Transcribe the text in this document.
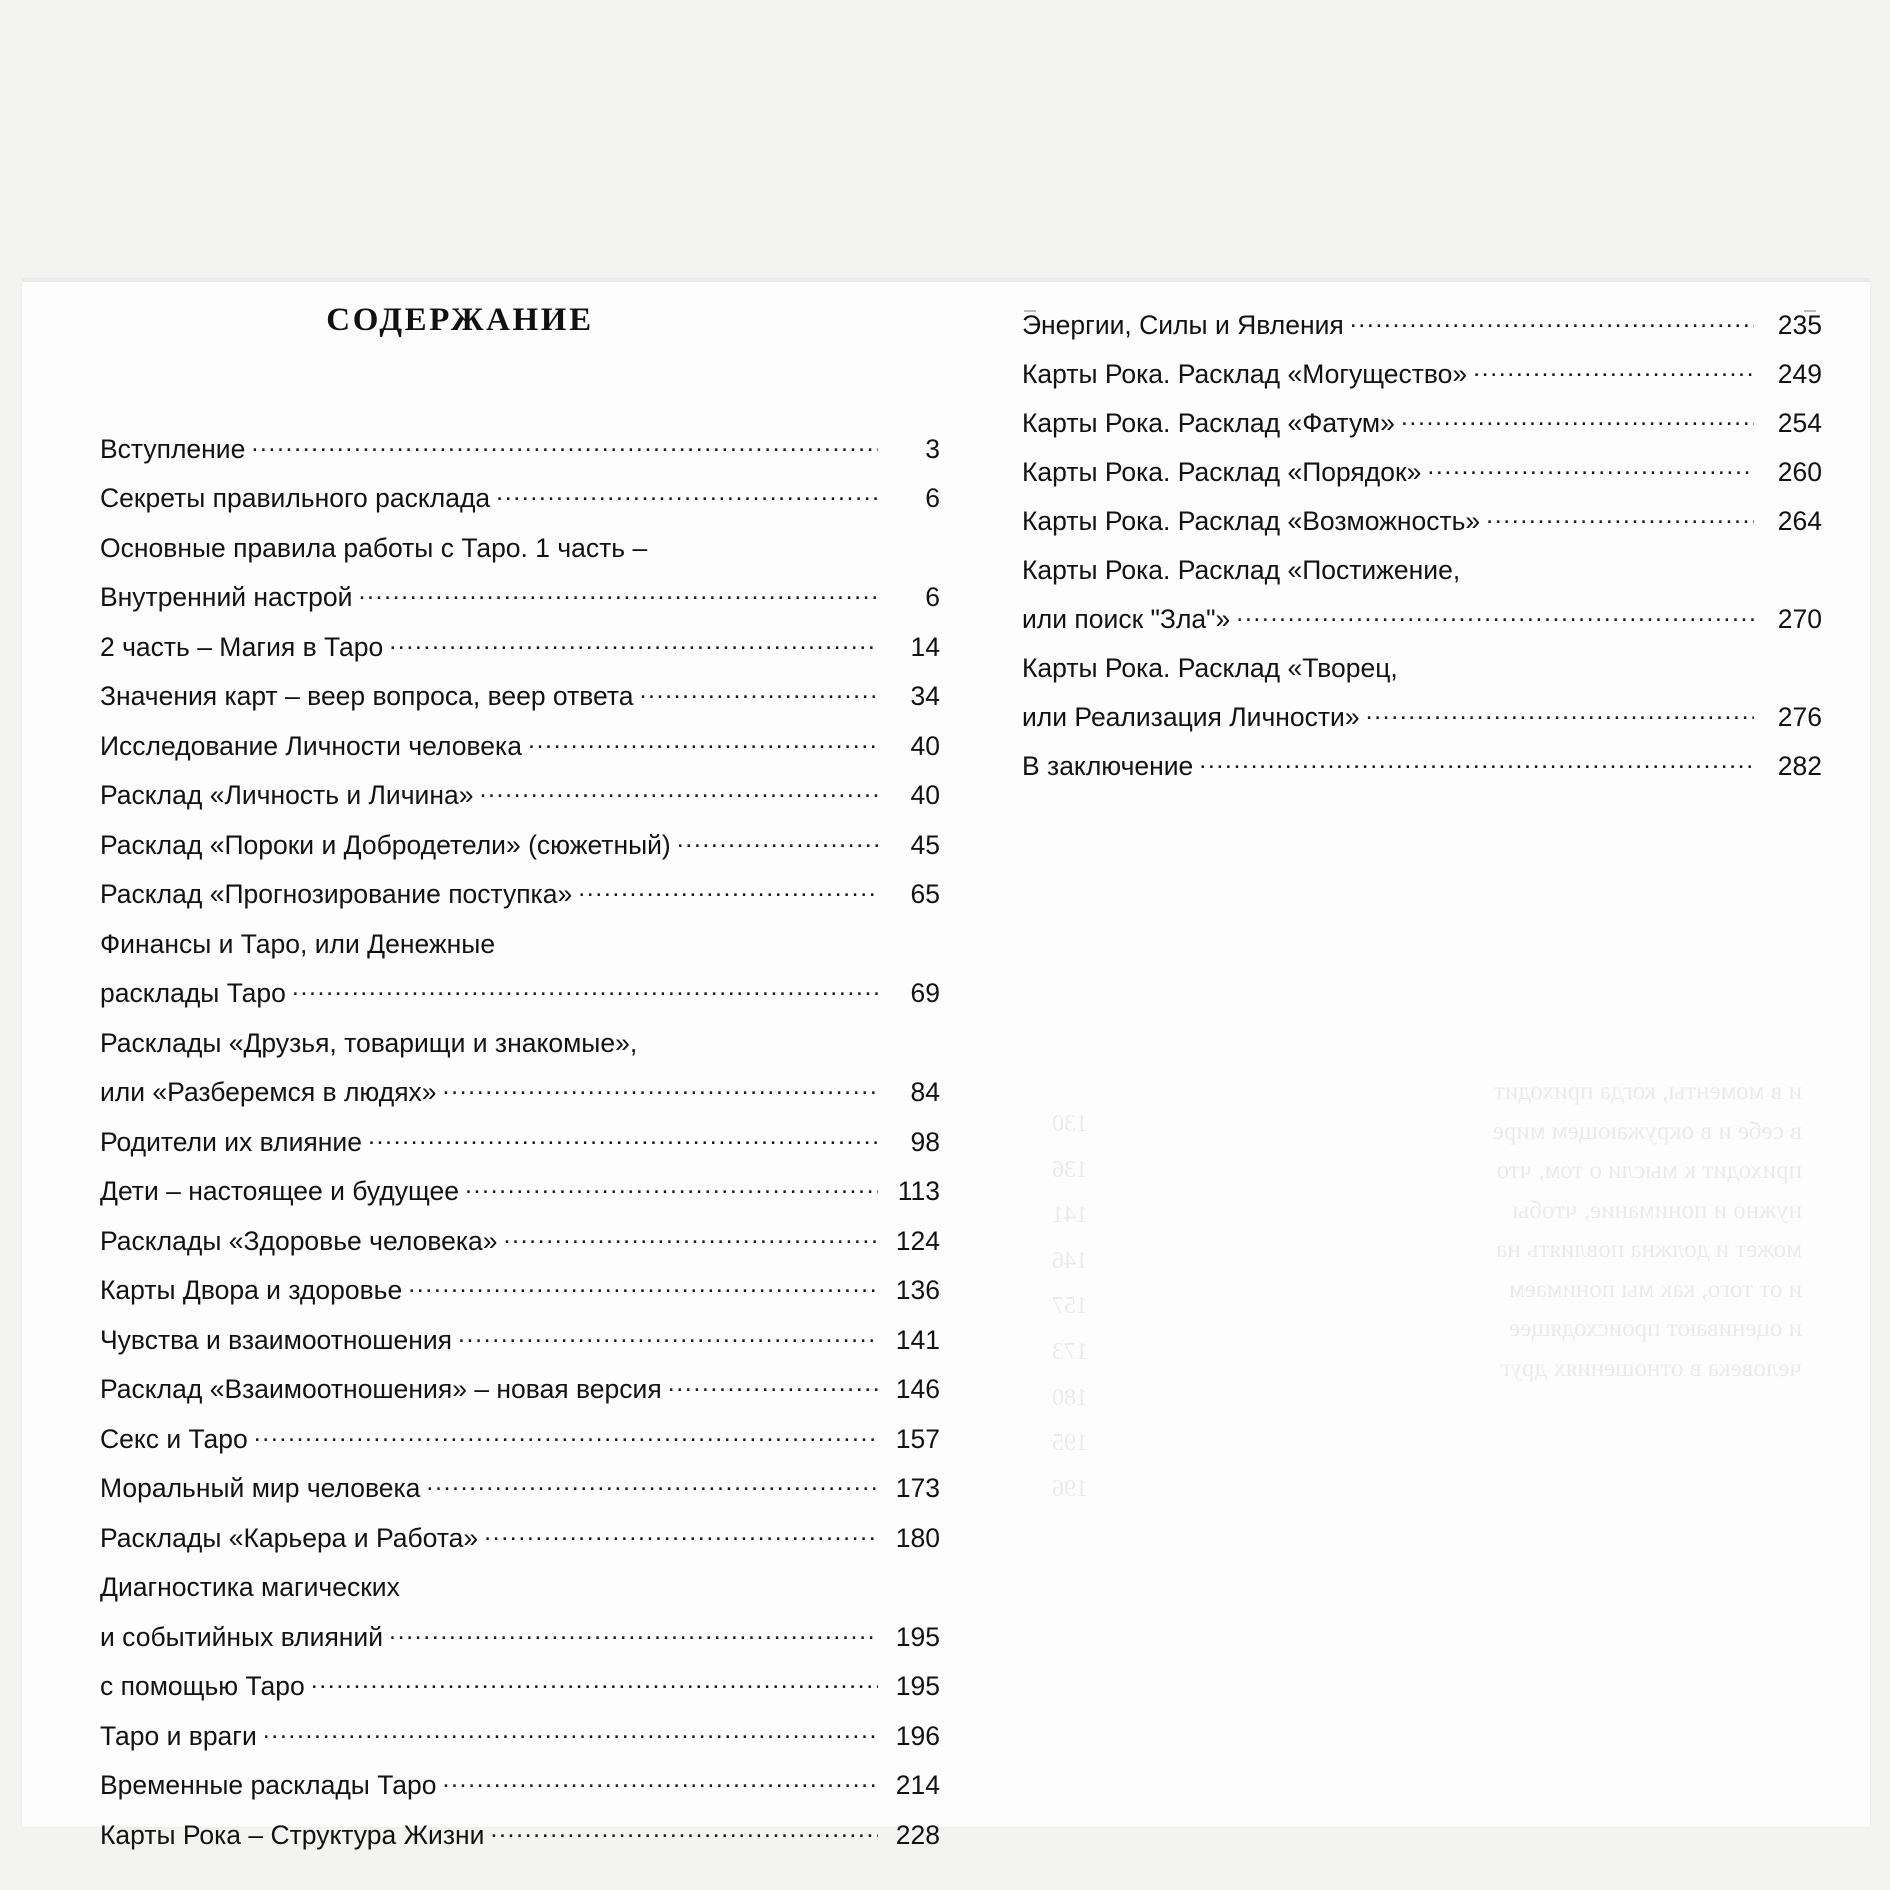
СОДЕРЖАНИЕ
Вступление .....	3
Секреты правильного расклада .....	6
Основные правила работы с Таро. 1 часть –
Внутренний настрой .....	6
2 часть – Магия в Таро .....	14
Значения карт – веер вопроса, веер ответа .....	34
Исследование Личности человека .....	40
Расклад «Личность и Личина» .....	40
Расклад «Пороки и Добродетели» (сюжетный) .....	45
Расклад «Прогнозирование поступка» .....	65
Финансы и Таро, или Денежные
расклады Таро .....	69
Расклады «Друзья, товарищи и знакомые»,
или «Разберемся в людях» .....	84
Родители их влияние .....	98
Дети – настоящее и будущее .....	113
Расклады «Здоровье человека» .....	124
Карты Двора и здоровье .....	136
Чувства и взаимоотношения .....	141
Расклад «Взаимоотношения» – новая версия .....	146
Секс и Таро .....	157
Моральный мир человека .....	173
Расклады «Карьера и Работа» .....	180
Диагностика магических
и событийных влияний .....	195
с помощью Таро .....	195
Таро и враги .....	196
Временные расклады Таро .....	214
Карты Рока – Структура Жизни .....	228
Энергии, Силы и Явления .....	235
Карты Рока. Расклад «Могущество» .....	249
Карты Рока. Расклад «Фатум» .....	254
Карты Рока. Расклад «Порядок» .....	260
Карты Рока. Расклад «Возможность» .....	264
Карты Рока. Расклад «Постижение,
или поиск "Зла"» .....	270
Карты Рока. Расклад «Творец,
или Реализация Личности» .....	276
В заключение .....	282
и в моменты, когда приходит
в себе и в окружающем мире
приходит к мысли о том, что
нужно и понимание, чтобы
может и должна повлиять на
и от того, как мы понимаем
и оценивают происходящее
человека в отношениях друг
130
136
141
146
157
173
180
195
196
